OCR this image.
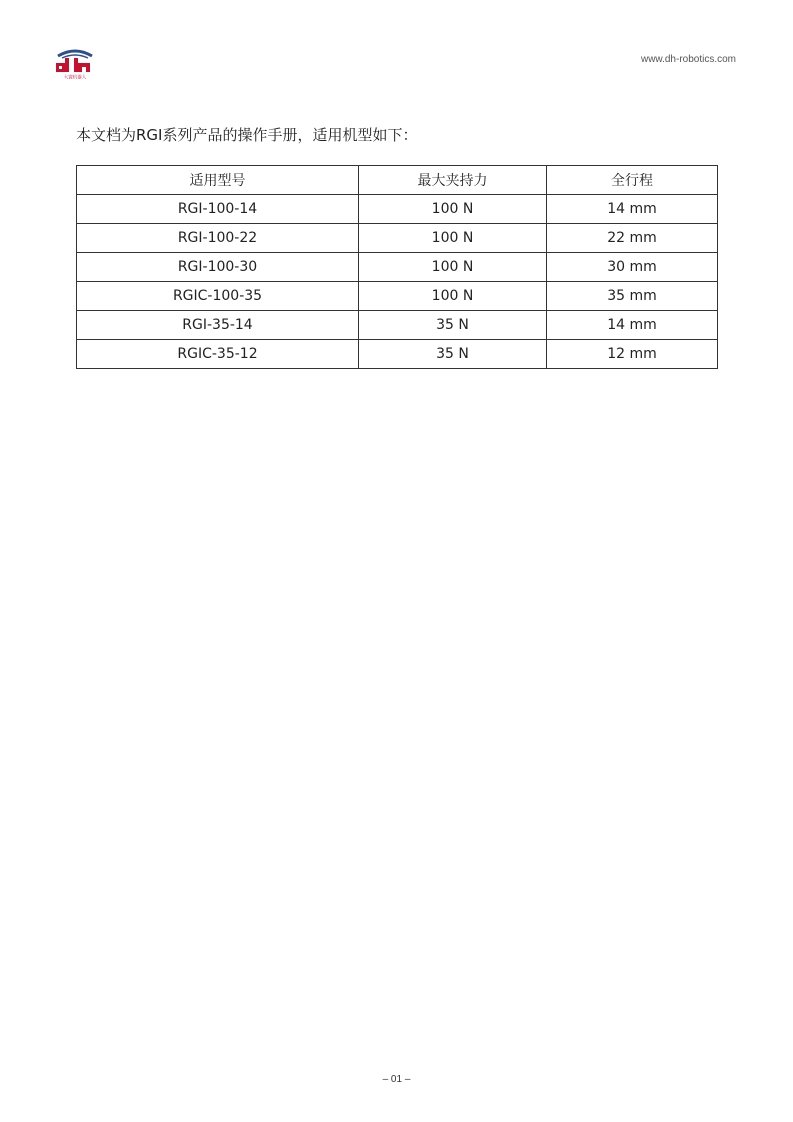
大寰机器人
www.dh-robotics.com
本文档为RGI系列产品的操作手册，适用机型如下：
适用型号	最大夹持力	全行程
RGI-100-14	100 N	14 mm
RGI-100-22	100 N	22 mm
RGI-100-30	100 N	30 mm
RGIC-100-35	100 N	35 mm
RGI-35-14	35 N	14 mm
RGIC-35-12	35 N	12 mm
– 01 –
